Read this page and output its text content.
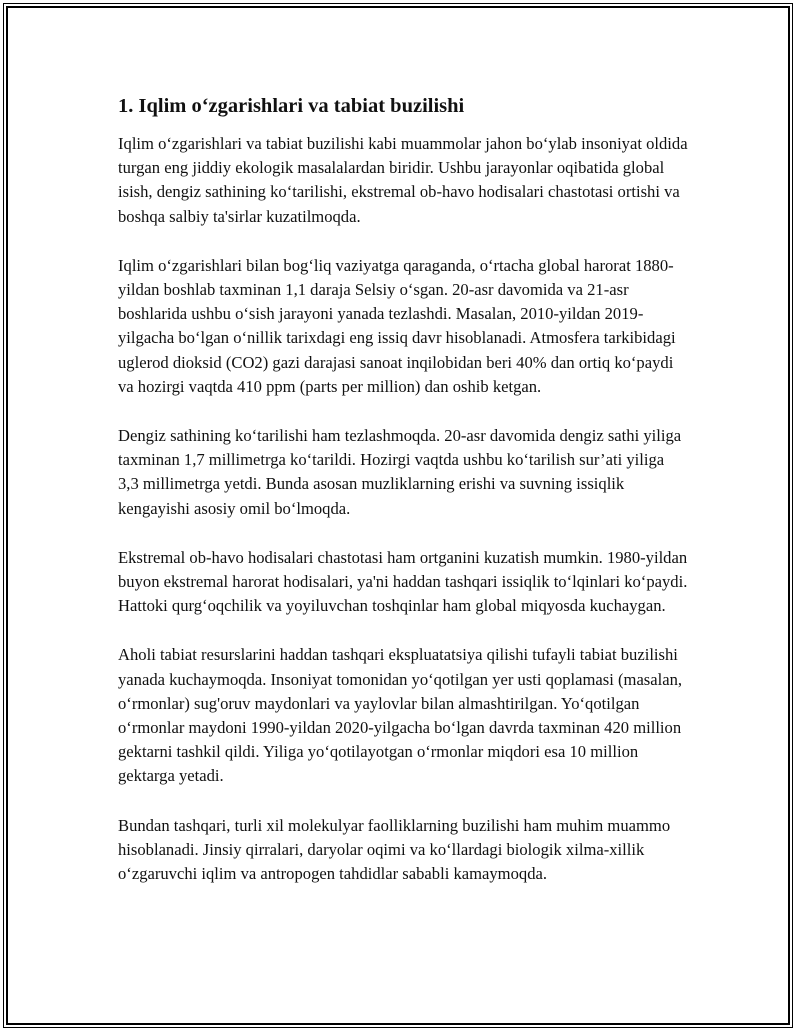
1. Iqlim o‘zgarishlari va tabiat buzilishi

Iqlim o‘zgarishlari va tabiat buzilishi kabi muammolar jahon bo‘ylab insoniyat oldida turgan eng jiddiy ekologik masalalardan biridir. Ushbu jarayonlar oqibatida global isish, dengiz sathining ko‘tarilishi, ekstremal ob-havo hodisalari chastotasi ortishi va boshqa salbiy ta'sirlar kuzatilmoqda.

Iqlim o‘zgarishlari bilan bog‘liq vaziyatga qaraganda, o‘rtacha global harorat 1880-yildan boshlab taxminan 1,1 daraja Selsiy o‘sgan. 20-asr davomida va 21-asr boshlarida ushbu o‘sish jarayoni yanada tezlashdi. Masalan, 2010-yildan 2019-yilgacha bo‘lgan o‘nillik tarixdagi eng issiq davr hisoblanadi. Atmosfera tarkibidagi uglerod dioksid (CO2) gazi darajasi sanoat inqilobidan beri 40% dan ortiq ko‘paydi va hozirgi vaqtda 410 ppm (parts per million) dan oshib ketgan.

Dengiz sathining ko‘tarilishi ham tezlashmoqda. 20-asr davomida dengiz sathi yiliga taxminan 1,7 millimetrga ko‘tarildi. Hozirgi vaqtda ushbu ko‘tarilish sur’ati yiliga 3,3 millimetrga yetdi. Bunda asosan muzliklarning erishi va suvning issiqlik kengayishi asosiy omil bo‘lmoqda.

Ekstremal ob-havo hodisalari chastotasi ham ortganini kuzatish mumkin. 1980-yildan buyon ekstremal harorat hodisalari, ya'ni haddan tashqari issiqlik to‘lqinlari ko‘paydi. Hattoki qurg‘oqchilik va yoyiluvchan toshqinlar ham global miqyosda kuchaygan.

Aholi tabiat resurslarini haddan tashqari ekspluatatsiya qilishi tufayli tabiat buzilishi yanada kuchaymoqda. Insoniyat tomonidan yo‘qotilgan yer usti qoplamasi (masalan, o‘rmonlar) sug'oruv maydonlari va yaylovlar bilan almashtirilgan. Yo‘qotilgan o‘rmonlar maydoni 1990-yildan 2020-yilgacha bo‘lgan davrda taxminan 420 million gektarni tashkil qildi. Yiliga yo‘qotilayotgan o‘rmonlar miqdori esa 10 million gektarga yetadi.

Bundan tashqari, turli xil molekulyar faolliklarning buzilishi ham muhim muammo hisoblanadi. Jinsiy qirralari, daryolar oqimi va ko‘llardagi biologik xilma-xillik o‘zgaruvchi iqlim va antropogen tahdidlar sababli kamaymoqda.
